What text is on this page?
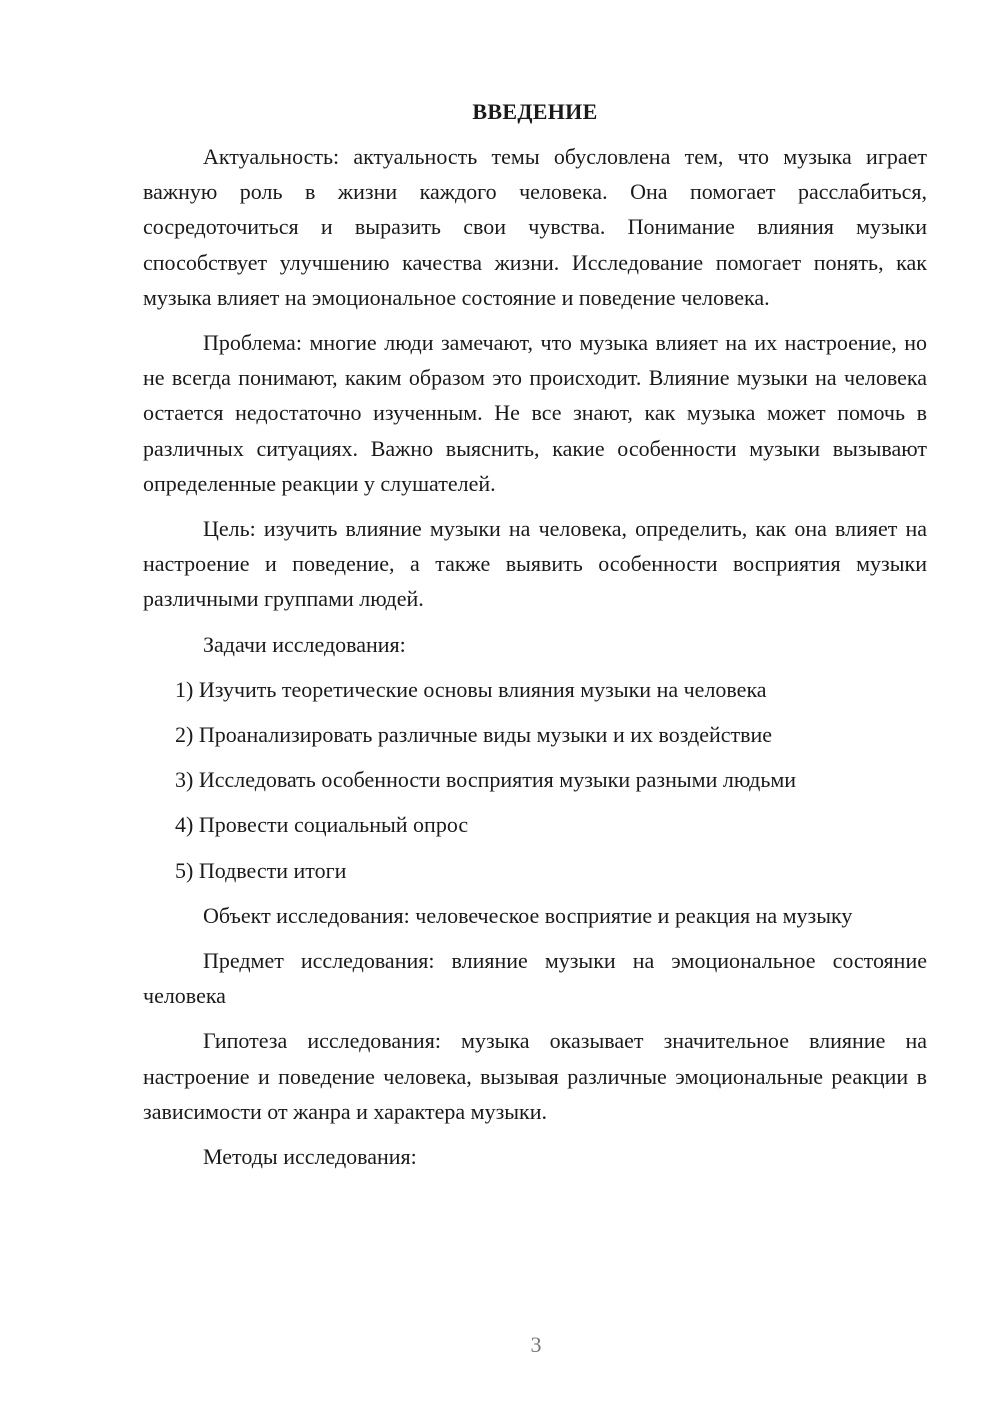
ВВЕДЕНИЕ

Актуальность: актуальность темы обусловлена тем, что музыка играет важную роль в жизни каждого человека. Она помогает расслабиться, сосредоточиться и выразить свои чувства. Понимание влияния музыки способствует улучшению качества жизни. Исследование помогает понять, как музыка влияет на эмоциональное состояние и поведение человека.

Проблема: многие люди замечают, что музыка влияет на их настроение, но не всегда понимают, каким образом это происходит. Влияние музыки на человека остается недостаточно изученным. Не все знают, как музыка может помочь в различных ситуациях. Важно выяснить, какие особенности музыки вызывают определенные реакции у слушателей.

Цель: изучить влияние музыки на человека, определить, как она влияет на настроение и поведение, а также выявить особенности восприятия музыки различными группами людей.

Задачи исследования:

1) Изучить теоретические основы влияния музыки на человека
2) Проанализировать различные виды музыки и их воздействие
3) Исследовать особенности восприятия музыки разными людьми
4) Провести социальный опрос
5) Подвести итоги

Объект исследования: человеческое восприятие и реакция на музыку

Предмет исследования: влияние музыки на эмоциональное состояние человека

Гипотеза исследования: музыка оказывает значительное влияние на настроение и поведение человека, вызывая различные эмоциональные реакции в зависимости от жанра и характера музыки.

Методы исследования:

3
